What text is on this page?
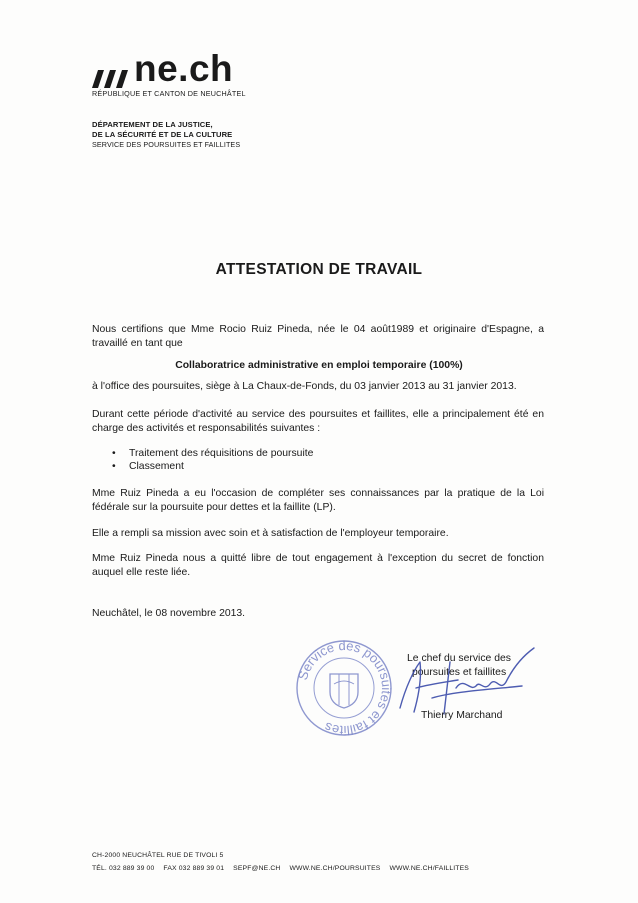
ne.ch
RÉPUBLIQUE ET CANTON DE NEUCHÂTEL
DÉPARTEMENT DE LA JUSTICE,
DE LA SÉCURITÉ ET DE LA CULTURE
SERVICE DES POURSUITES ET FAILLITES
ATTESTATION DE TRAVAIL
Nous certifions que Mme Rocio Ruiz Pineda, née le 04 août1989 et originaire d'Espagne, a travaillé en tant que
Collaboratrice administrative en emploi temporaire (100%)
à l'office des poursuites, siège à La Chaux-de-Fonds, du 03 janvier 2013 au 31 janvier 2013.
Durant cette période d'activité au service des poursuites et faillites, elle a principalement été en charge des activités et responsabilités suivantes :
• Traitement des réquisitions de poursuite
• Classement
Mme Ruiz Pineda a eu l'occasion de compléter ses connaissances par la pratique de la Loi fédérale sur la poursuite pour dettes et la faillite (LP).
Elle a rempli sa mission avec soin et à satisfaction de l'employeur temporaire.
Mme Ruiz Pineda nous a quitté libre de tout engagement à l'exception du secret de fonction auquel elle reste liée.
Neuchâtel, le 08 novembre 2013.
Service des poursuites et faillites
Le chef du service des
poursuites et faillites
Thierry Marchand
CH-2000 NEUCHÂTEL RUE DE TIVOLI 5
TÉL. 032 889 39 00 FAX 032 889 39 01 SEPF@NE.CH WWW.NE.CH/POURSUITES WWW.NE.CH/FAILLITES
